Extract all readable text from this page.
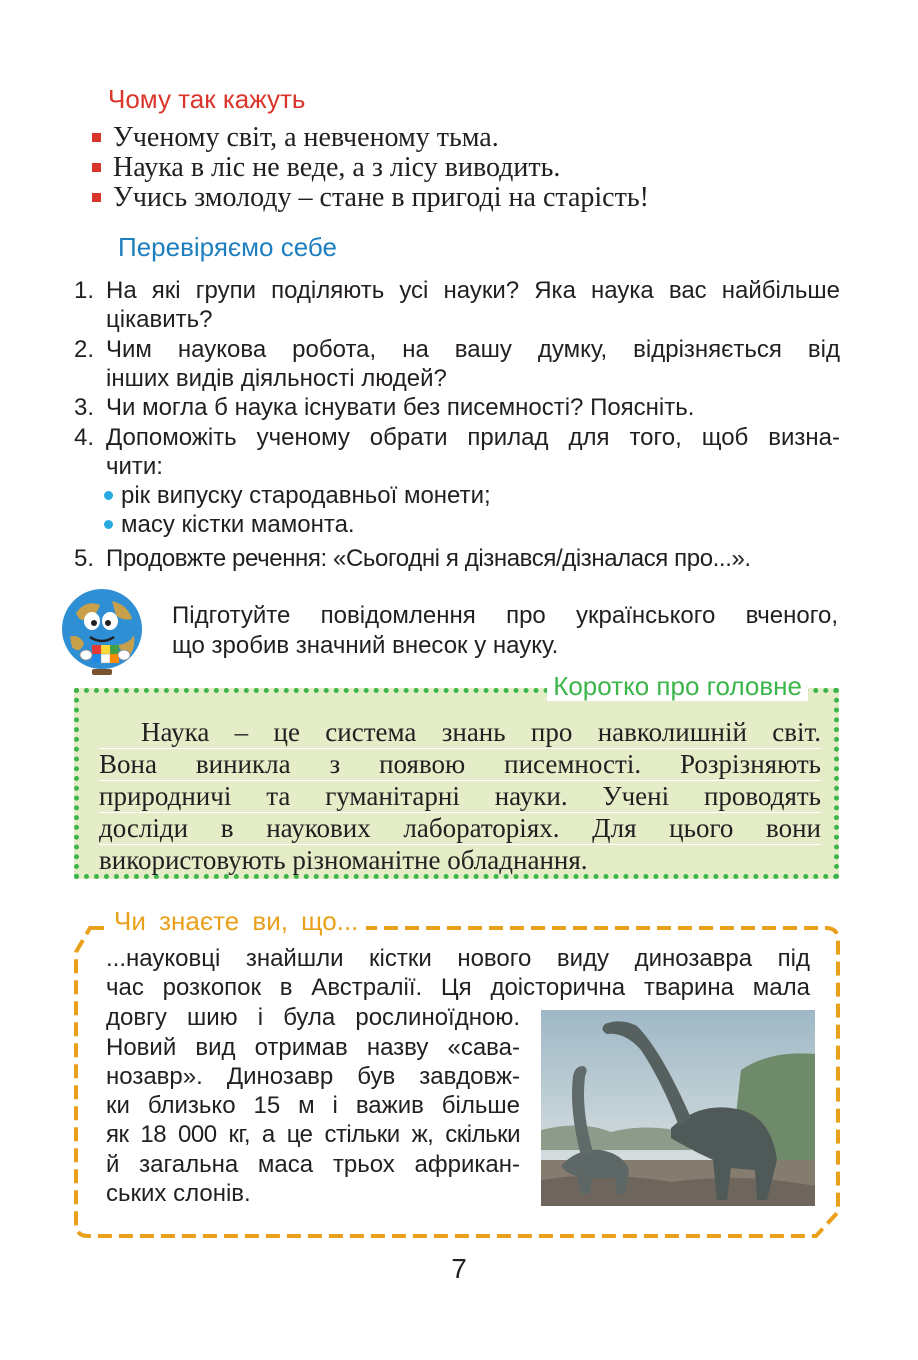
Чому так кажуть
Ученому світ, а невченому тьма.
Наука в ліс не веде, а з лісу виводить.
Учись змолоду – стане в пригоді на старість!
Перевіряємо себе
1. На які групи поділяють усі науки? Яка наука вас найбільше
цікавить?
2. Чим наукова робота, на вашу думку, відрізняється від
інших видів діяльності людей?
3. Чи могла б наука існувати без писемності? Поясніть.
4. Допоможіть ученому обрати прилад для того, щоб визна-
чити:
рік випуску стародавньої монети;
масу кістки мамонта.
5. Продовжте речення: «Сьогодні я дізнався/дізналася про...».
Підготуйте повідомлення про українського вченого,
що зробив значний внесок у науку.
Коротко про головне
Наука – це система знань про навколишній світ.
Вона виникла з появою писемності. Розрізняють
природничі та гуманітарні науки. Учені проводять
досліди в наукових лабораторіях. Для цього вони
використовують різноманітне обладнання.
Чи знаєте ви, що...
...науковці знайшли кістки нового виду динозавра під
час розкопок в Австралії. Ця доісторична тварина мала
довгу шию і була рослиноїдною.
Новий вид отримав назву «сава-
нозавр». Динозавр був завдовж-
ки близько 15 м і важив більше
як 18 000 кг, а це стільки ж, скільки
й загальна маса трьох африкан-
ських слонів.
7
